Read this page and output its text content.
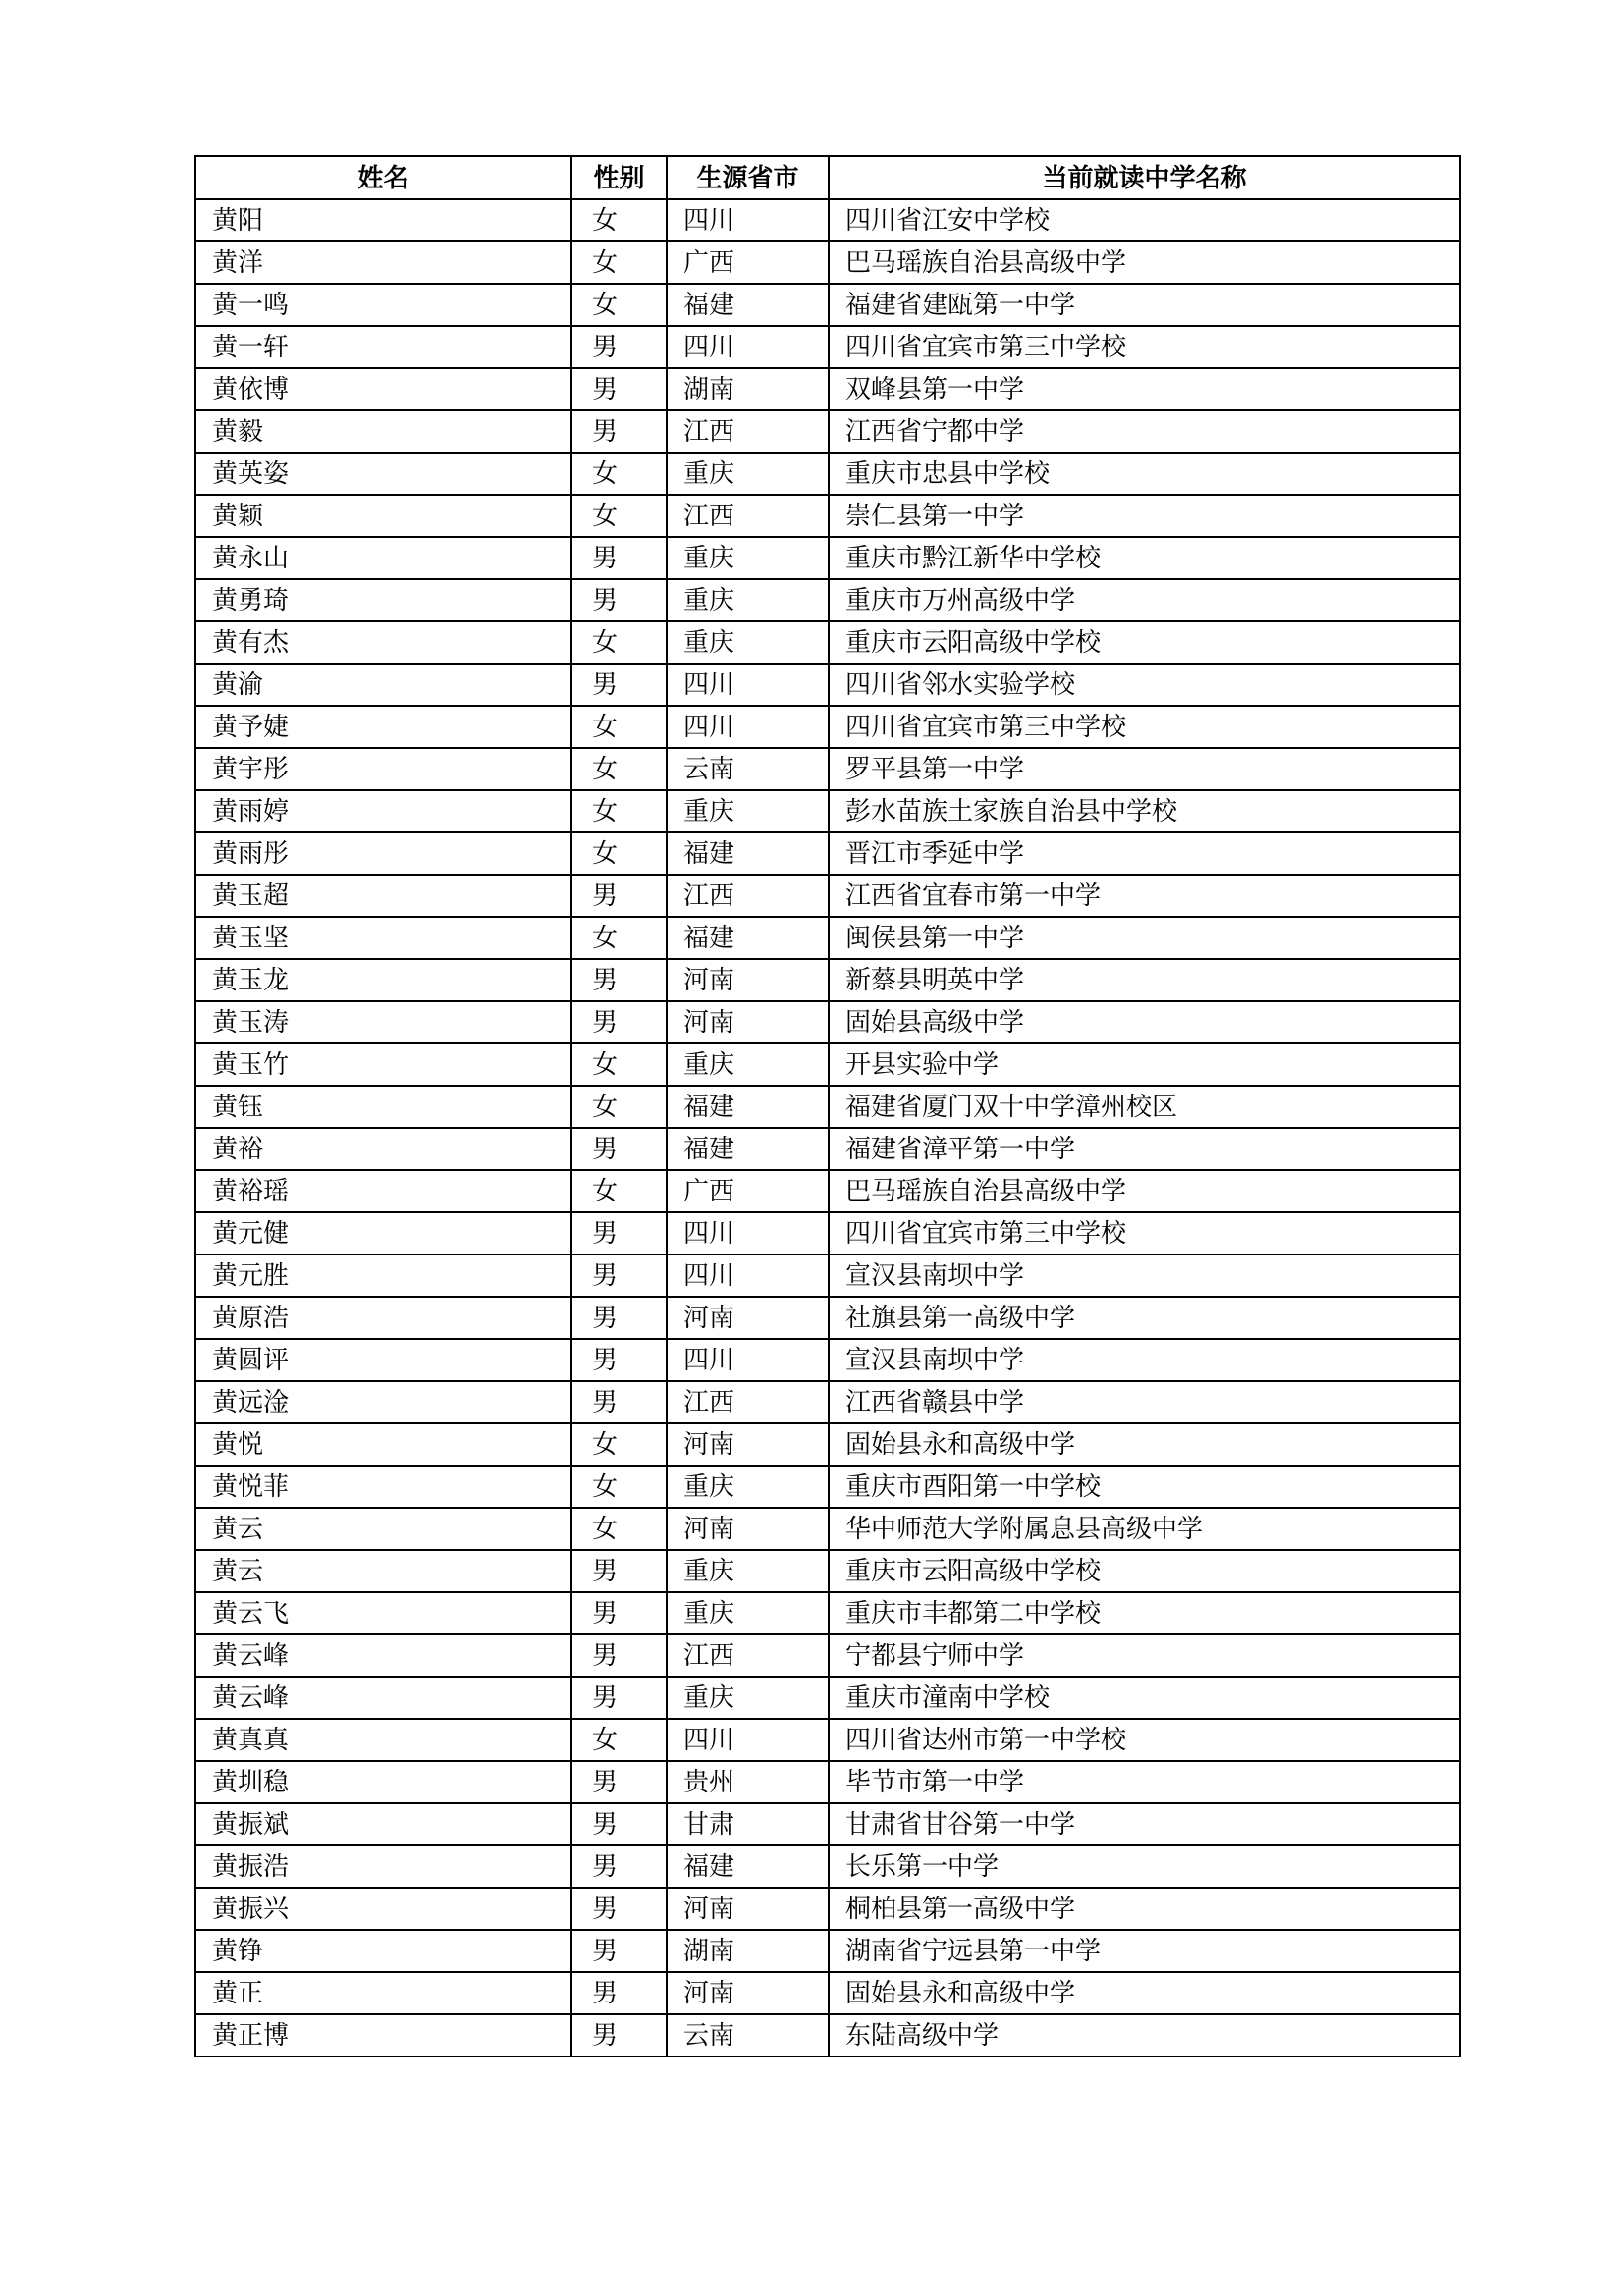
姓名	性别	生源省市	当前就读中学名称
黄阳	女	四川	四川省江安中学校
黄洋	女	广西	巴马瑶族自治县高级中学
黄一鸣	女	福建	福建省建瓯第一中学
黄一轩	男	四川	四川省宜宾市第三中学校
黄依博	男	湖南	双峰县第一中学
黄毅	男	江西	江西省宁都中学
黄英姿	女	重庆	重庆市忠县中学校
黄颖	女	江西	崇仁县第一中学
黄永山	男	重庆	重庆市黔江新华中学校
黄勇琦	男	重庆	重庆市万州高级中学
黄有杰	女	重庆	重庆市云阳高级中学校
黄渝	男	四川	四川省邻水实验学校
黄予婕	女	四川	四川省宜宾市第三中学校
黄宇彤	女	云南	罗平县第一中学
黄雨婷	女	重庆	彭水苗族土家族自治县中学校
黄雨彤	女	福建	晋江市季延中学
黄玉超	男	江西	江西省宜春市第一中学
黄玉坚	女	福建	闽侯县第一中学
黄玉龙	男	河南	新蔡县明英中学
黄玉涛	男	河南	固始县高级中学
黄玉竹	女	重庆	开县实验中学
黄钰	女	福建	福建省厦门双十中学漳州校区
黄裕	男	福建	福建省漳平第一中学
黄裕瑶	女	广西	巴马瑶族自治县高级中学
黄元健	男	四川	四川省宜宾市第三中学校
黄元胜	男	四川	宣汉县南坝中学
黄原浩	男	河南	社旗县第一高级中学
黄圆评	男	四川	宣汉县南坝中学
黄远淦	男	江西	江西省赣县中学
黄悦	女	河南	固始县永和高级中学
黄悦菲	女	重庆	重庆市酉阳第一中学校
黄云	女	河南	华中师范大学附属息县高级中学
黄云	男	重庆	重庆市云阳高级中学校
黄云飞	男	重庆	重庆市丰都第二中学校
黄云峰	男	江西	宁都县宁师中学
黄云峰	男	重庆	重庆市潼南中学校
黄真真	女	四川	四川省达州市第一中学校
黄圳稳	男	贵州	毕节市第一中学
黄振斌	男	甘肃	甘肃省甘谷第一中学
黄振浩	男	福建	长乐第一中学
黄振兴	男	河南	桐柏县第一高级中学
黄铮	男	湖南	湖南省宁远县第一中学
黄正	男	河南	固始县永和高级中学
黄正博	男	云南	东陆高级中学
